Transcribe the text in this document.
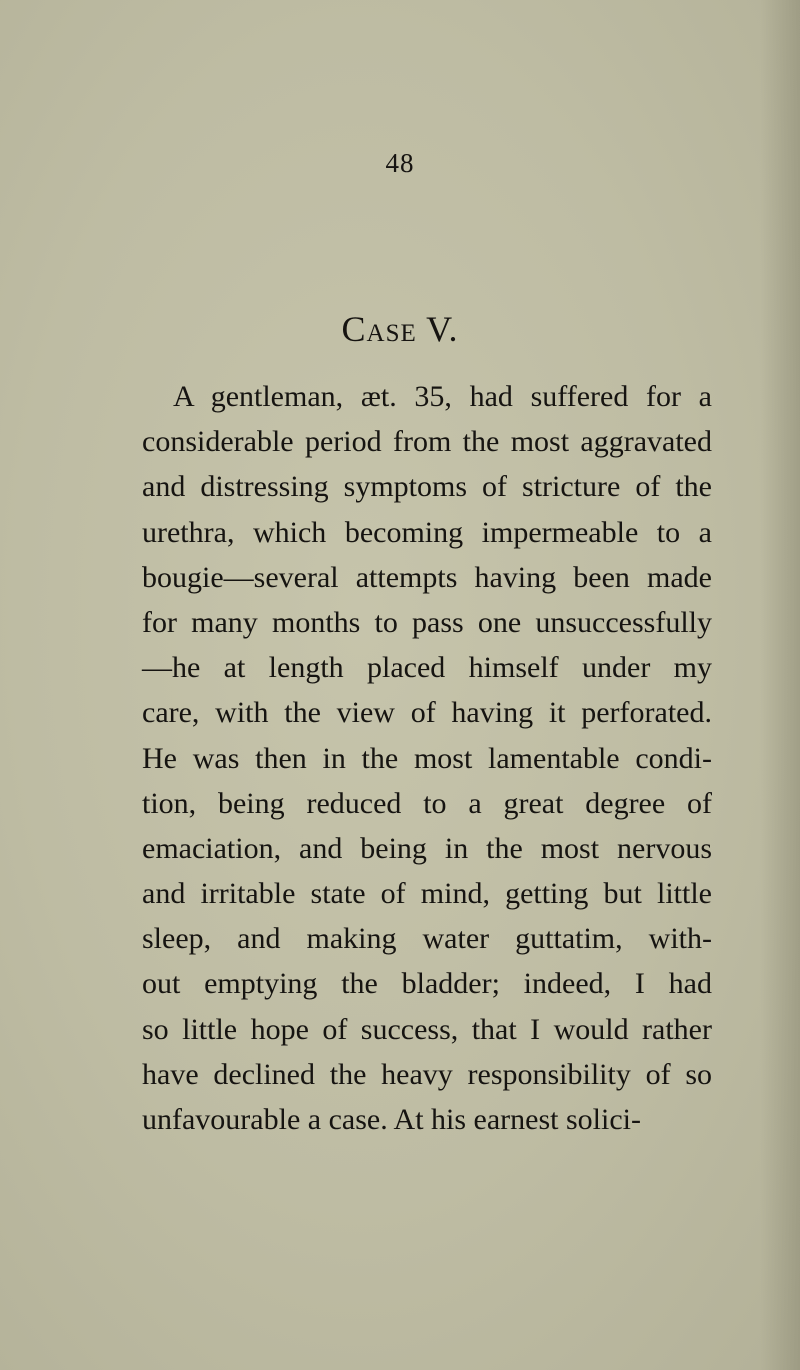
48
Case V.
A gentleman, æt. 35, had suffered for a
considerable period from the most aggravated
and distressing symptoms of stricture of the
urethra, which becoming impermeable to a
bougie—several attempts having been made
for many months to pass one unsuccessfully
—he at length placed himself under my
care, with the view of having it perforated.
He was then in the most lamentable condi-
tion, being reduced to a great degree of
emaciation, and being in the most nervous
and irritable state of mind, getting but little
sleep, and making water guttatim, with-
out emptying the bladder; indeed, I had
so little hope of success, that I would rather
have declined the heavy responsibility of so
unfavourable a case. At his earnest solici-
